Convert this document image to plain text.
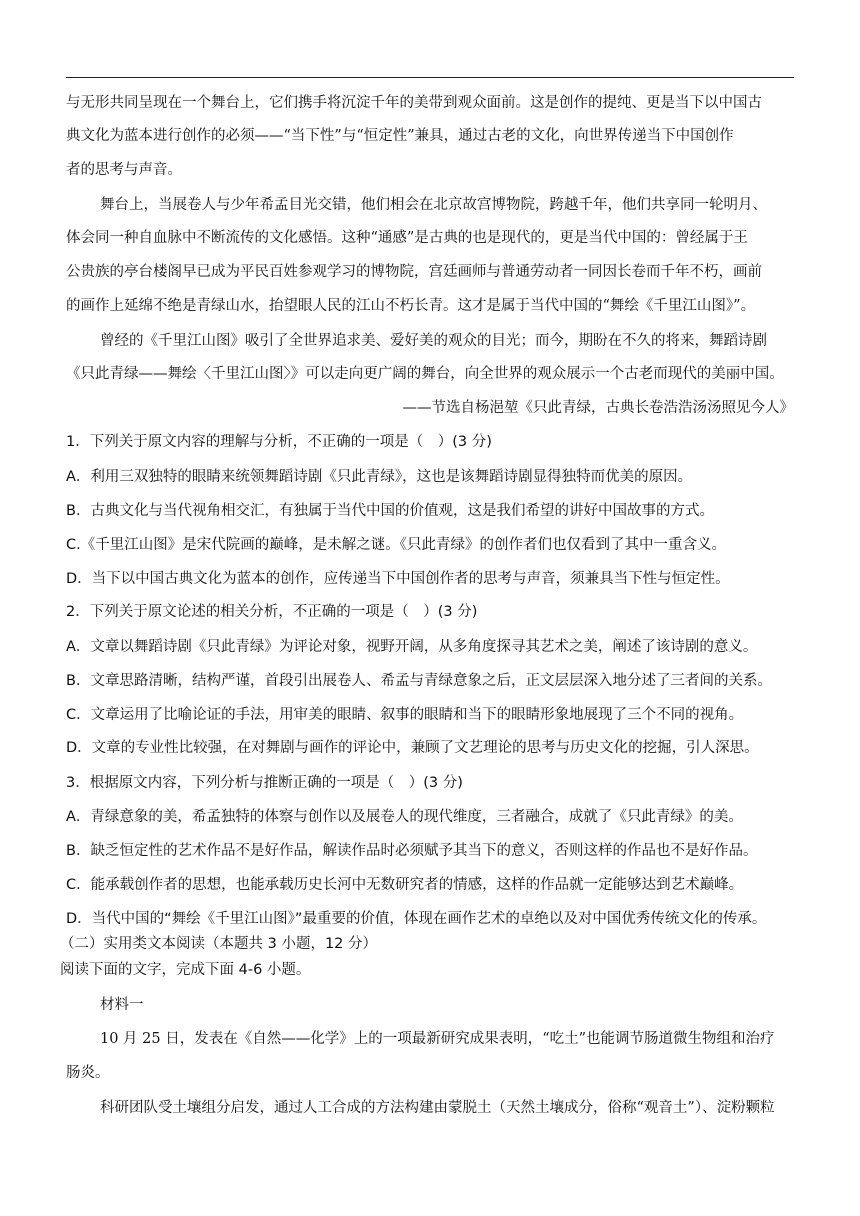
与无形共同呈现在一个舞台上，它们携手将沉淀千年的美带到观众面前。这是创作的提纯、更是当下以中国古
典文化为蓝本进行创作的必须——“当下性”与“恒定性”兼具，通过古老的文化，向世界传递当下中国创作
者的思考与声音。
舞台上，当展卷人与少年希孟目光交错，他们相会在北京故宫博物院，跨越千年，他们共享同一轮明月、
体会同一种自血脉中不断流传的文化感悟。这种“通感”是古典的也是现代的，更是当代中国的：曾经属于王
公贵族的亭台楼阁早已成为平民百姓参观学习的博物院，宫廷画师与普通劳动者一同因长卷而千年不朽，画前
的画作上延绵不绝是青绿山水，抬望眼人民的江山不朽长青。这才是属于当代中国的“舞绘《千里江山图》”。
曾经的《千里江山图》吸引了全世界追求美、爱好美的观众的目光；而今，期盼在不久的将来，舞蹈诗剧
《只此青绿——舞绘〈千里江山图〉》可以走向更广阔的舞台，向全世界的观众展示一个古老而现代的美丽中国。
——节选自杨浥堃《只此青绿，古典长卷浩浩汤汤照见今人》
1．下列关于原文内容的理解与分析，不正确的一项是（　）(3 分)
A．利用三双独特的眼睛来统领舞蹈诗剧《只此青绿》，这也是该舞蹈诗剧显得独特而优美的原因。
B．古典文化与当代视角相交汇，有独属于当代中国的价值观，这是我们希望的讲好中国故事的方式。
C.《千里江山图》是宋代院画的巅峰，是未解之谜。《只此青绿》的创作者们也仅看到了其中一重含义。
D．当下以中国古典文化为蓝本的创作，应传递当下中国创作者的思考与声音，须兼具当下性与恒定性。
2．下列关于原文论述的相关分析，不正确的一项是（　）(3 分)
A．文章以舞蹈诗剧《只此青绿》为评论对象，视野开阔，从多角度探寻其艺术之美，阐述了该诗剧的意义。
B．文章思路清晰，结构严谨，首段引出展卷人、希孟与青绿意象之后，正文层层深入地分述了三者间的关系。
C．文章运用了比喻论证的手法，用审美的眼睛、叙事的眼睛和当下的眼睛形象地展现了三个不同的视角。
D．文章的专业性比较强，在对舞剧与画作的评论中，兼顾了文艺理论的思考与历史文化的挖掘，引人深思。
3．根据原文内容，下列分析与推断正确的一项是（　）(3 分)
A．青绿意象的美，希孟独特的体察与创作以及展卷人的现代维度，三者融合，成就了《只此青绿》的美。
B．缺乏恒定性的艺术作品不是好作品，解读作品时必须赋予其当下的意义，否则这样的作品也不是好作品。
C．能承载创作者的思想，也能承载历史长河中无数研究者的情感，这样的作品就一定能够达到艺术巅峰。
D．当代中国的“舞绘《千里江山图》”最重要的价值，体现在画作艺术的卓绝以及对中国优秀传统文化的传承。
（二）实用类文本阅读（本题共 3 小题，12 分）
阅读下面的文字，完成下面 4-6 小题。
材料一
10 月 25 日，发表在《自然——化学》上的一项最新研究成果表明，“吃土”也能调节肠道微生物组和治疗
肠炎。
科研团队受土壤组分启发，通过人工合成的方法构建由蒙脱土（天然土壤成分，俗称“观音土”）、淀粉颗粒
